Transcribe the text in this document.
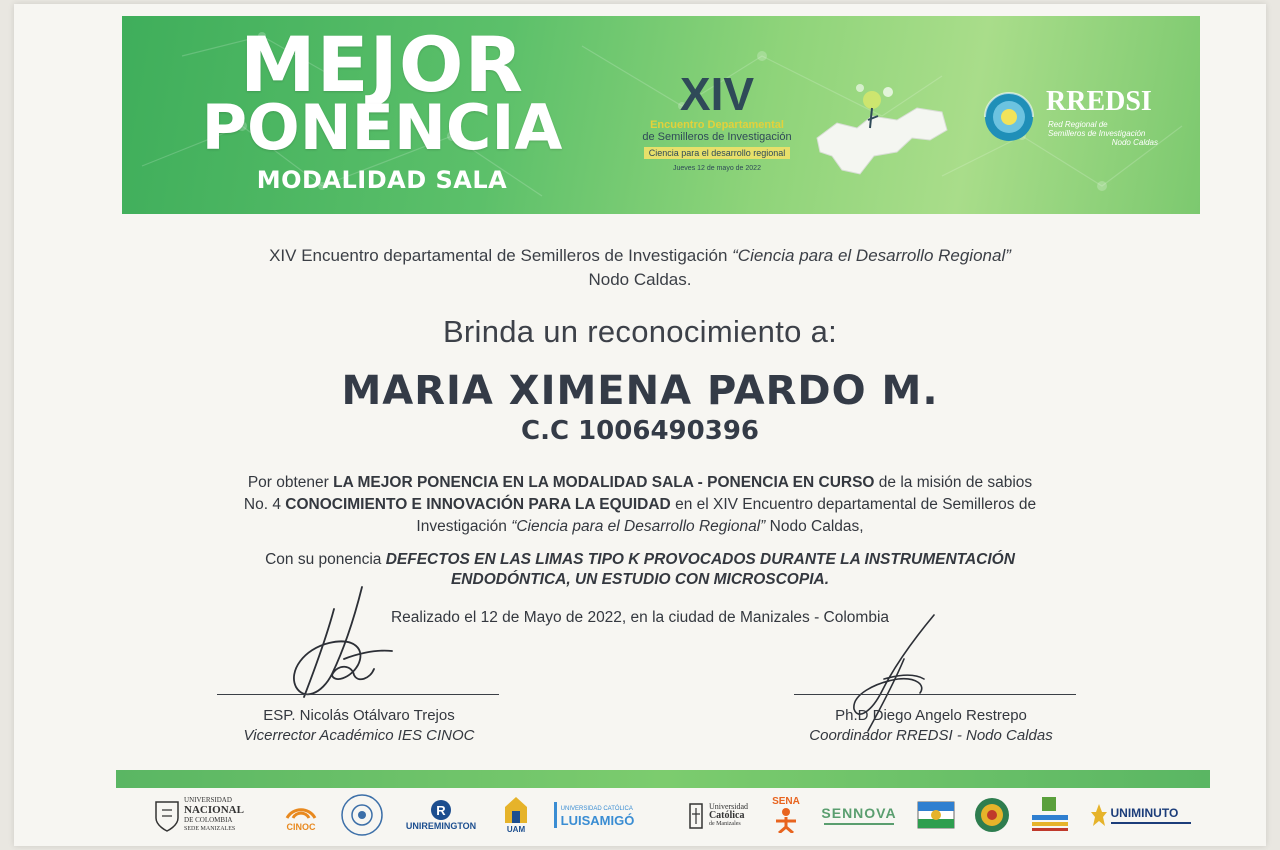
MEJOR
PONENCIA
MODALIDAD SALA
XIV
Encuentro Departamental
de Semilleros de Investigación
Ciencia para el desarrollo regional
Jueves 12 de mayo de 2022
RREDSI
Red Regional de
Semilleros de Investigación
Nodo Caldas
XIV Encuentro departamental de Semilleros de Investigación “Ciencia para el Desarrollo Regional”
Nodo Caldas.
Brinda un reconocimiento a:
MARIA XIMENA PARDO M.
C.C 1006490396
Por obtener LA MEJOR PONENCIA EN LA MODALIDAD SALA - PONENCIA EN CURSO de la misión de sabios
No. 4 CONOCIMIENTO E INNOVACIÓN PARA LA EQUIDAD en el XIV Encuentro departamental de Semilleros de
Investigación “Ciencia para el Desarrollo Regional” Nodo Caldas,
Con su ponencia DEFECTOS EN LAS LIMAS TIPO K PROVOCADOS DURANTE LA INSTRUMENTACIÓN
ENDODÓNTICA, UN ESTUDIO CON MICROSCOPIA.
Realizado el 12 de Mayo de 2022, en la ciudad de Manizales - Colombia
ESP. Nicolás Otálvaro Trejos
Vicerrector Académico IES CINOC
Ph.D Diego Angelo Restrepo
Coordinador RREDSI - Nodo Caldas
UNIVERSIDAD
NACIONAL
DE COLOMBIA
SEDE MANIZALES	CINOC
R
UNIREMINGTON	UAM
UNIVERSIDAD CATÓLICA
LUISAMIGÓ
Universidad
Católica
de Manizales
SENA
SENNOVA	UNIMINUTO
